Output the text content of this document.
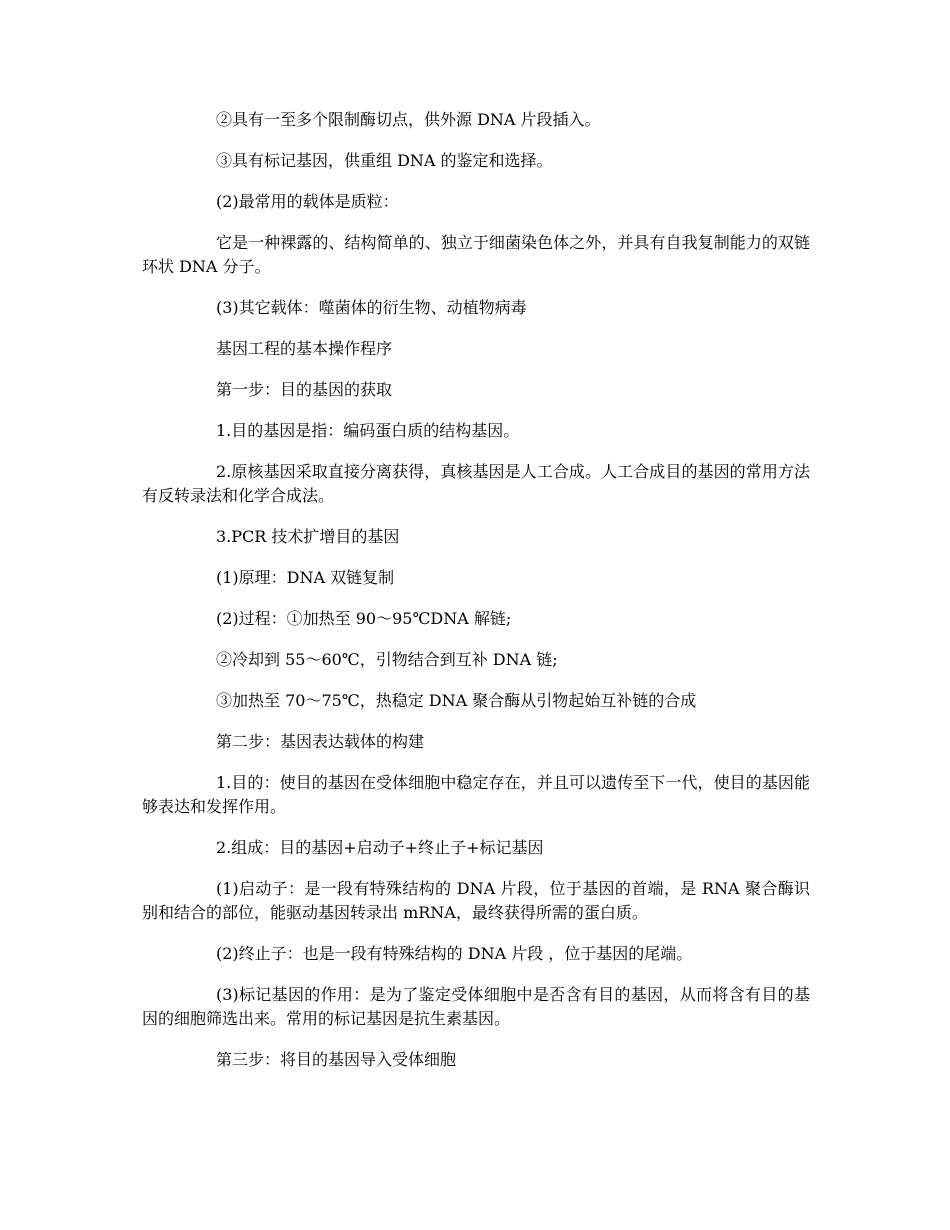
②具有一至多个限制酶切点，供外源 DNA 片段插入。

③具有标记基因，供重组 DNA 的鉴定和选择。

(2)最常用的载体是质粒：

它是一种裸露的、结构简单的、独立于细菌染色体之外，并具有自我复制能力的双链环状 DNA 分子。

(3)其它载体：噬菌体的衍生物、动植物病毒

基因工程的基本操作程序

第一步：目的基因的获取

1.目的基因是指：编码蛋白质的结构基因。

2.原核基因采取直接分离获得，真核基因是人工合成。人工合成目的基因的常用方法有反转录法和化学合成法。

3.PCR 技术扩增目的基因

(1)原理：DNA 双链复制

(2)过程：①加热至 90～95℃DNA 解链;

②冷却到 55～60℃，引物结合到互补 DNA 链;

③加热至 70～75℃，热稳定 DNA 聚合酶从引物起始互补链的合成

第二步：基因表达载体的构建

1.目的：使目的基因在受体细胞中稳定存在，并且可以遗传至下一代，使目的基因能够表达和发挥作用。

2.组成：目的基因+启动子+终止子+标记基因

(1)启动子：是一段有特殊结构的 DNA 片段，位于基因的首端，是 RNA 聚合酶识别和结合的部位，能驱动基因转录出 mRNA，最终获得所需的蛋白质。

(2)终止子：也是一段有特殊结构的 DNA 片段 ，位于基因的尾端。

(3)标记基因的作用：是为了鉴定受体细胞中是否含有目的基因，从而将含有目的基因的细胞筛选出来。常用的标记基因是抗生素基因。

第三步：将目的基因导入受体细胞
